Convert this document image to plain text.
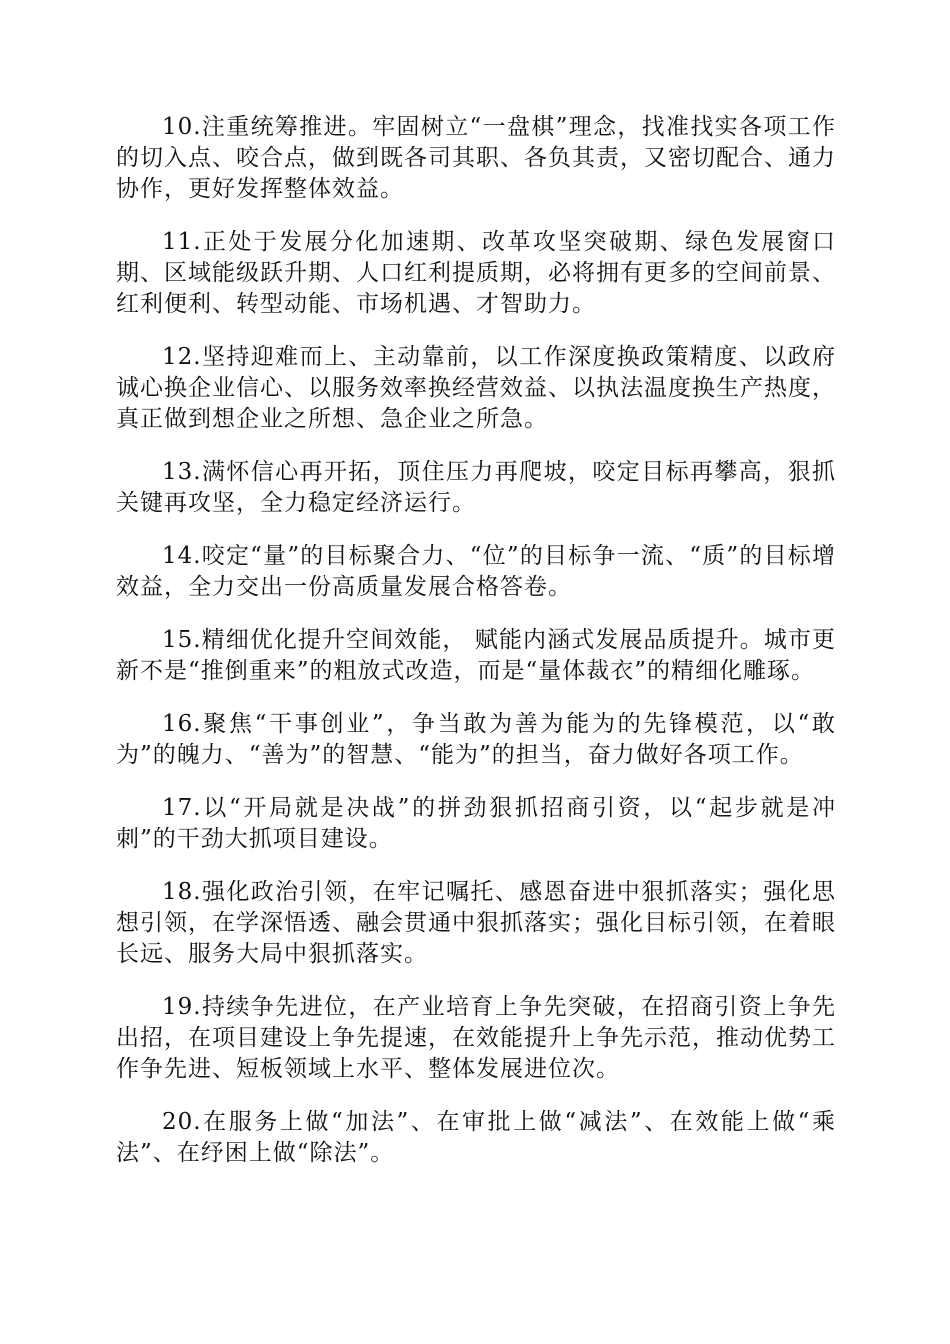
10.注重统筹推进。牢固树立“一盘棋”理念，找准找实各项工作的切入点、咬合点，做到既各司其职、各负其责，又密切配合、通力协作，更好发挥整体效益。

11.正处于发展分化加速期、改革攻坚突破期、绿色发展窗口期、区域能级跃升期、人口红利提质期，必将拥有更多的空间前景、红利便利、转型动能、市场机遇、才智助力。

12.坚持迎难而上、主动靠前，以工作深度换政策精度、以政府诚心换企业信心、以服务效率换经营效益、以执法温度换生产热度，真正做到想企业之所想、急企业之所急。

13.满怀信心再开拓，顶住压力再爬坡，咬定目标再攀高，狠抓关键再攻坚，全力稳定经济运行。

14.咬定“量”的目标聚合力、“位”的目标争一流、“质”的目标增效益，全力交出一份高质量发展合格答卷。

15.精细优化提升空间效能， 赋能内涵式发展品质提升。城市更新不是“推倒重来”的粗放式改造，而是“量体裁衣”的精细化雕琢。

16.聚焦“干事创业”，争当敢为善为能为的先锋模范，以“敢为”的魄力、“善为”的智慧、“能为”的担当，奋力做好各项工作。

17.以“开局就是决战”的拼劲狠抓招商引资，以“起步就是冲刺”的干劲大抓项目建设。

18.强化政治引领，在牢记嘱托、感恩奋进中狠抓落实；强化思想引领，在学深悟透、融会贯通中狠抓落实；强化目标引领，在着眼长远、服务大局中狠抓落实。

19.持续争先进位，在产业培育上争先突破，在招商引资上争先出招，在项目建设上争先提速，在效能提升上争先示范，推动优势工作争先进、短板领域上水平、整体发展进位次。

20.在服务上做“加法”、在审批上做“减法”、在效能上做“乘法”、在纾困上做“除法”。
